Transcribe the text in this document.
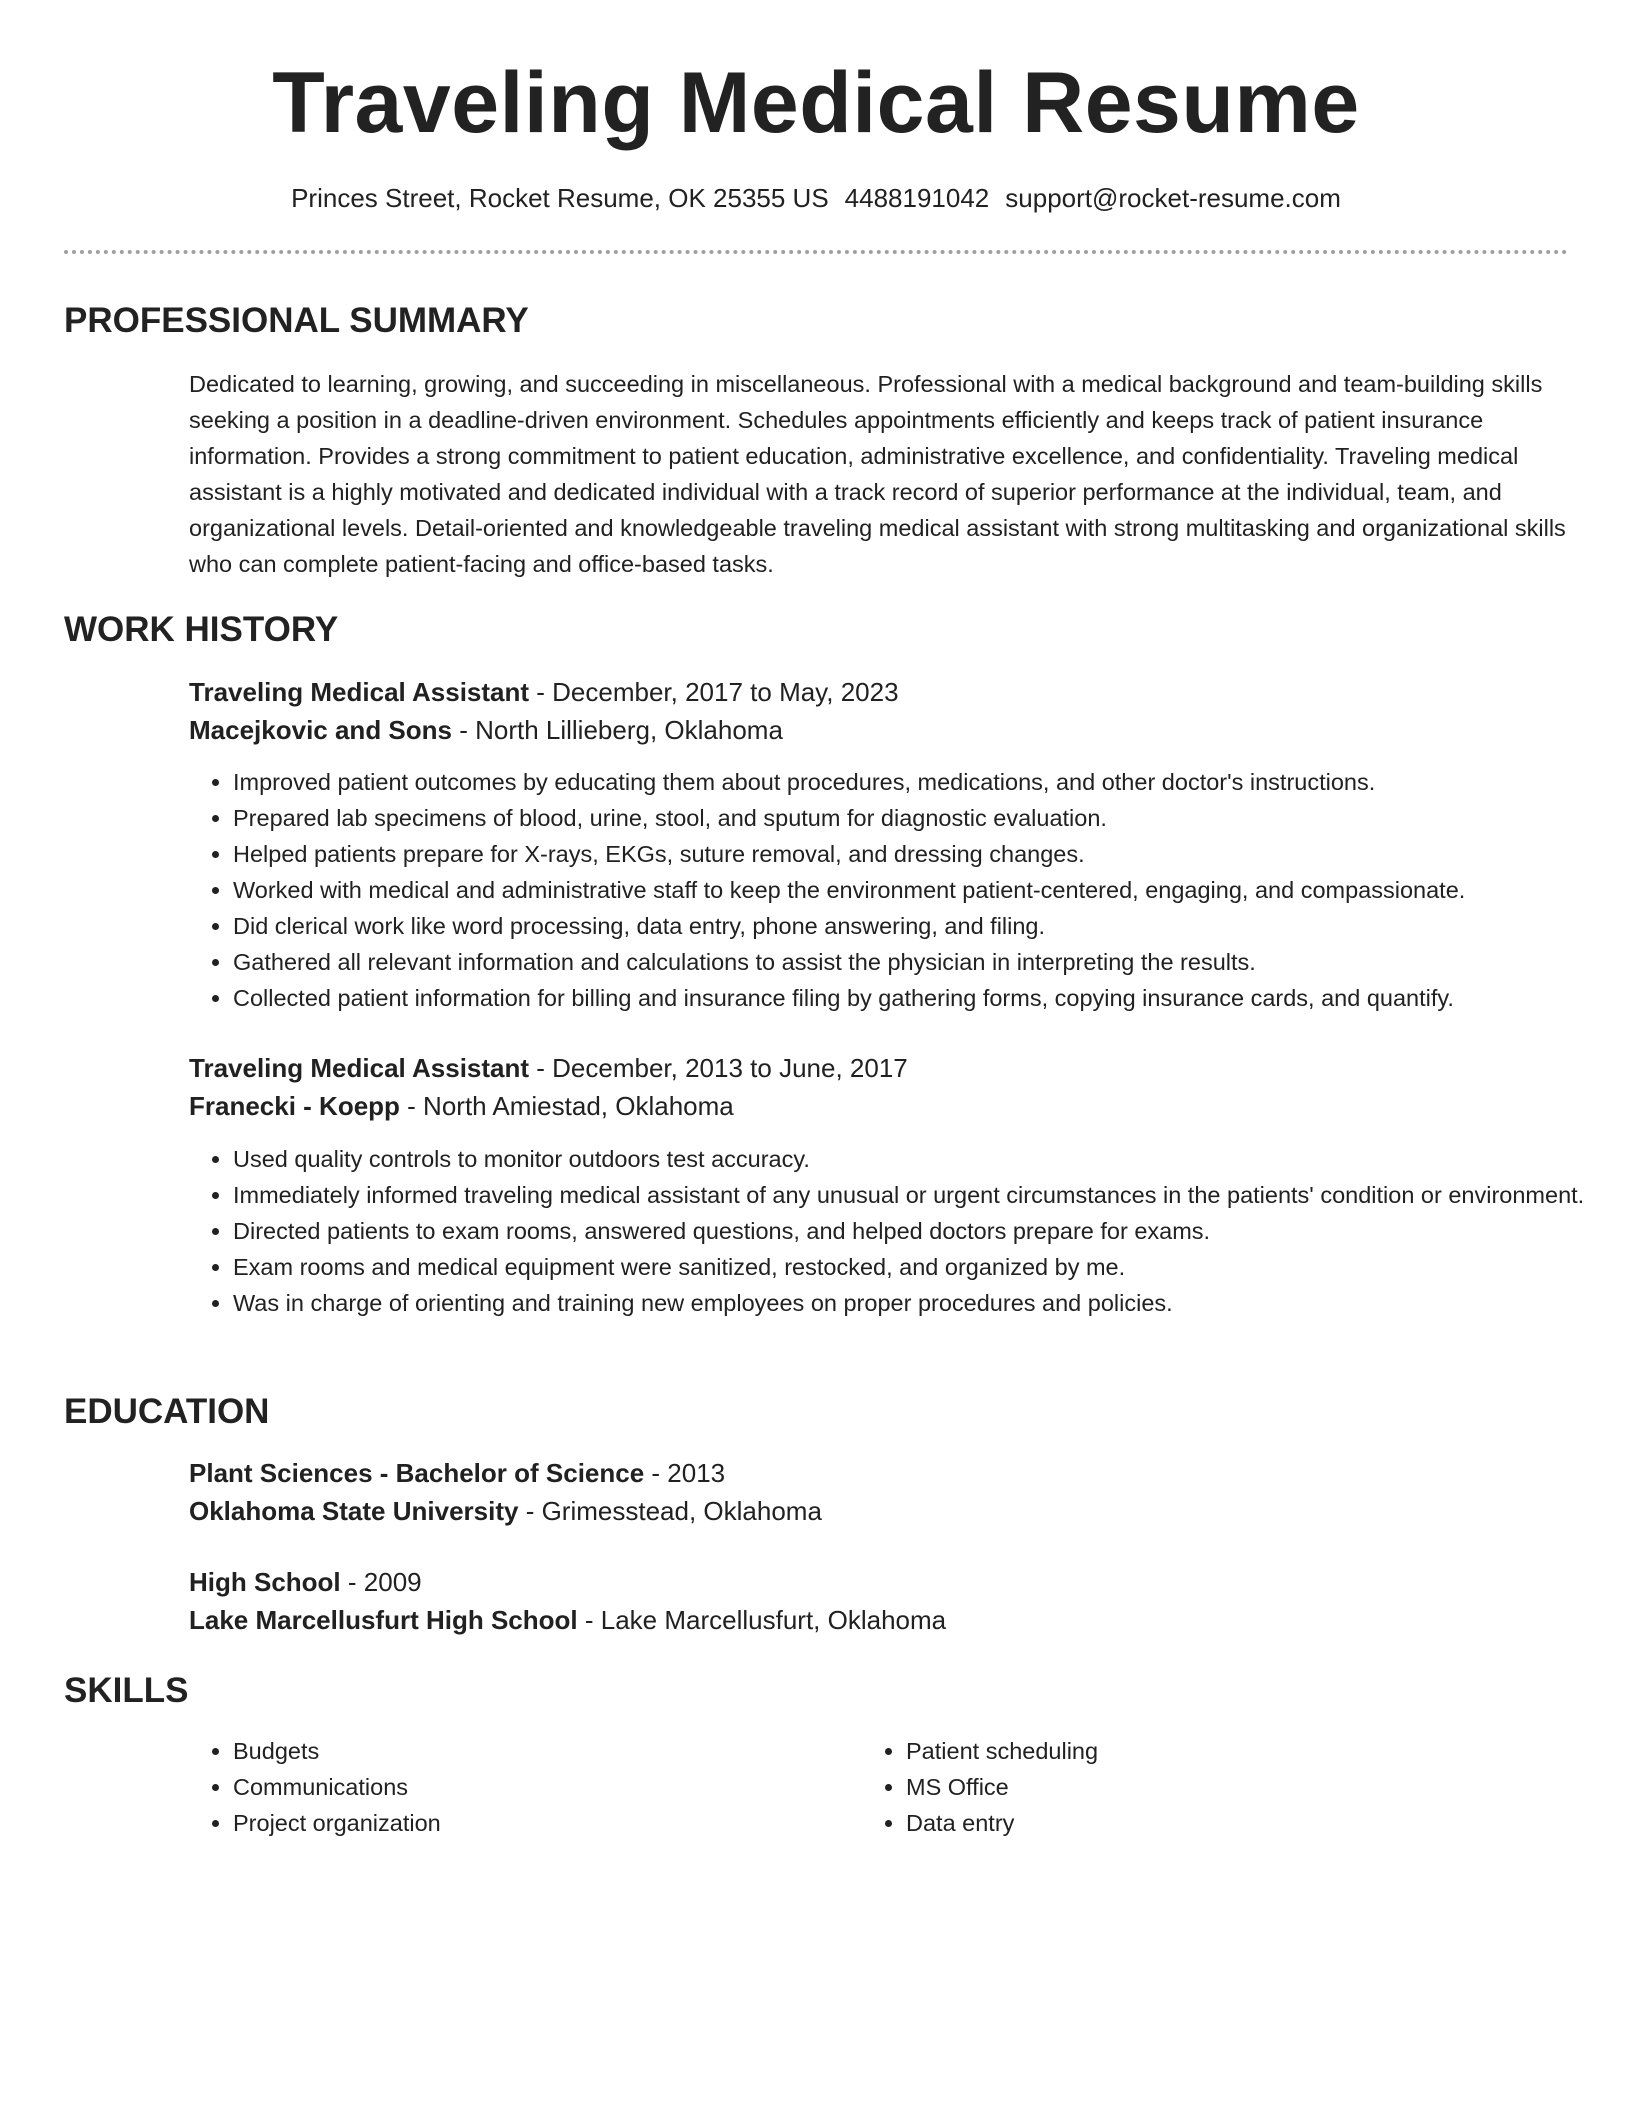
Traveling Medical Resume
Princes Street, Rocket Resume, OK 25355 US 4488191042 support@rocket-resume.com
PROFESSIONAL SUMMARY

Dedicated to learning, growing, and succeeding in miscellaneous. Professional with a medical background and team-building skills seeking a position in a deadline-driven environment. Schedules appointments efficiently and keeps track of patient insurance information. Provides a strong commitment to patient education, administrative excellence, and confidentiality. Traveling medical assistant is a highly motivated and dedicated individual with a track record of superior performance at the individual, team, and organizational levels. Detail-oriented and knowledgeable traveling medical assistant with strong multitasking and organizational skills who can complete patient-facing and office-based tasks.

WORK HISTORY
Traveling Medical Assistant - December, 2017 to May, 2023
Macejkovic and Sons - North Lillieberg, Oklahoma
• Improved patient outcomes by educating them about procedures, medications, and other doctor's instructions.
• Prepared lab specimens of blood, urine, stool, and sputum for diagnostic evaluation.
• Helped patients prepare for X-rays, EKGs, suture removal, and dressing changes.
• Worked with medical and administrative staff to keep the environment patient-centered, engaging, and compassionate.
• Did clerical work like word processing, data entry, phone answering, and filing.
• Gathered all relevant information and calculations to assist the physician in interpreting the results.
• Collected patient information for billing and insurance filing by gathering forms, copying insurance cards, and quantify.
Traveling Medical Assistant - December, 2013 to June, 2017
Franecki - Koepp - North Amiestad, Oklahoma
• Used quality controls to monitor outdoors test accuracy.
• Immediately informed traveling medical assistant of any unusual or urgent circumstances in the patients' condition or environment.
• Directed patients to exam rooms, answered questions, and helped doctors prepare for exams.
• Exam rooms and medical equipment were sanitized, restocked, and organized by me.
• Was in charge of orienting and training new employees on proper procedures and policies.
EDUCATION
Plant Sciences - Bachelor of Science - 2013
Oklahoma State University - Grimesstead, Oklahoma
High School - 2009
Lake Marcellusfurt High School - Lake Marcellusfurt, Oklahoma
SKILLS
• Budgets
• Communications
• Project organization
• Patient scheduling
• MS Office
• Data entry
